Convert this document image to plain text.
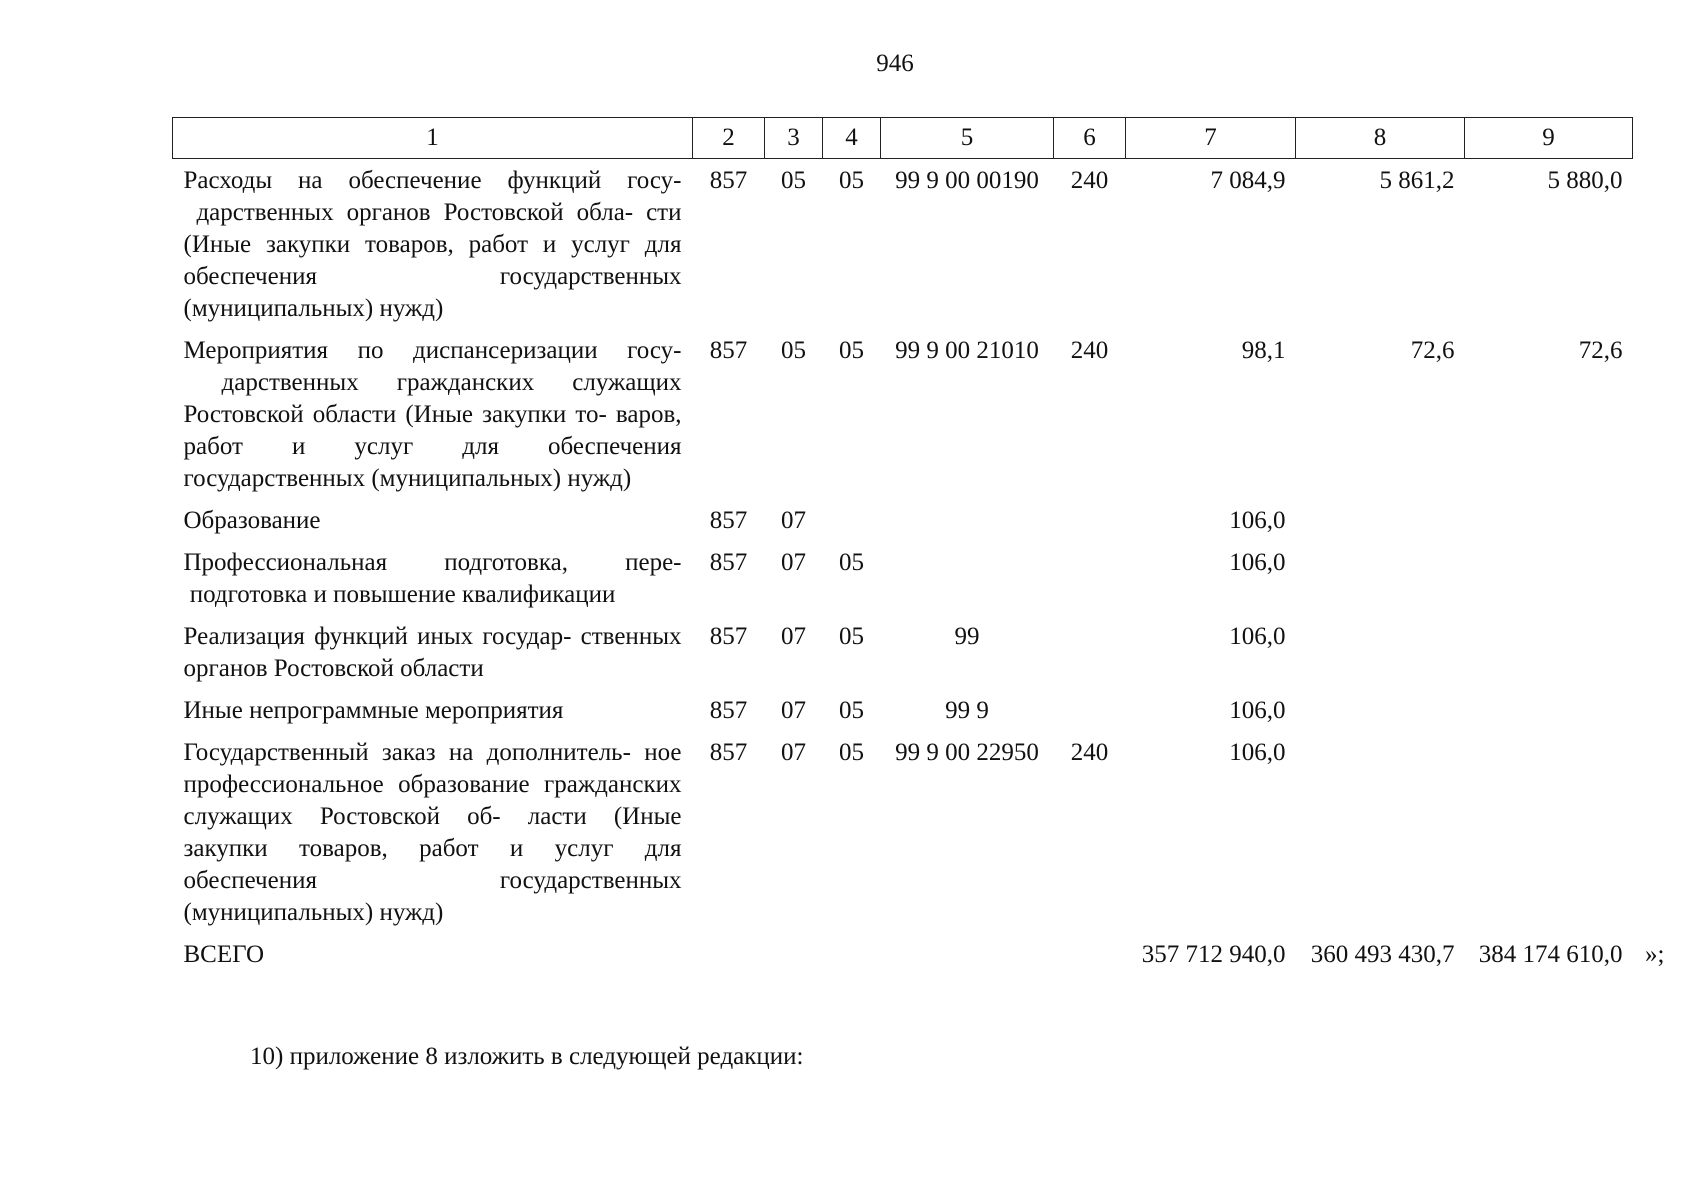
946
1	2	3	4	5	6	7	8	9
Расходы на обеспечение функций госу- дарственных органов Ростовской обла- сти (Иные закупки товаров, работ и услуг для обеспечения государственных (муниципальных) нужд)	857	05	05	99 9 00 00190	240	7 084,9	5 861,2	5 880,0
Мероприятия по диспансеризации госу- дарственных гражданских служащих Ростовской области (Иные закупки то- варов, работ и услуг для обеспечения государственных (муниципальных) нужд)	857	05	05	99 9 00 21010	240	98,1	72,6	72,6
Образование	857	07				106,0		
Профессиональная подготовка, пере- подготовка и повышение квалификации	857	07	05			106,0		
Реализация функций иных государ- ственных органов Ростовской области	857	07	05	99		106,0		
Иные непрограммные мероприятия	857	07	05	99 9		106,0		
Государственный заказ на дополнитель- ное профессиональное образование гражданских служащих Ростовской об- ласти (Иные закупки товаров, работ и услуг для обеспечения государственных (муниципальных) нужд)	857	07	05	99 9 00 22950	240	106,0		
ВСЕГО						357 712 940,0	360 493 430,7	384 174 610,0 »;
10) приложение 8 изложить в следующей редакции:
